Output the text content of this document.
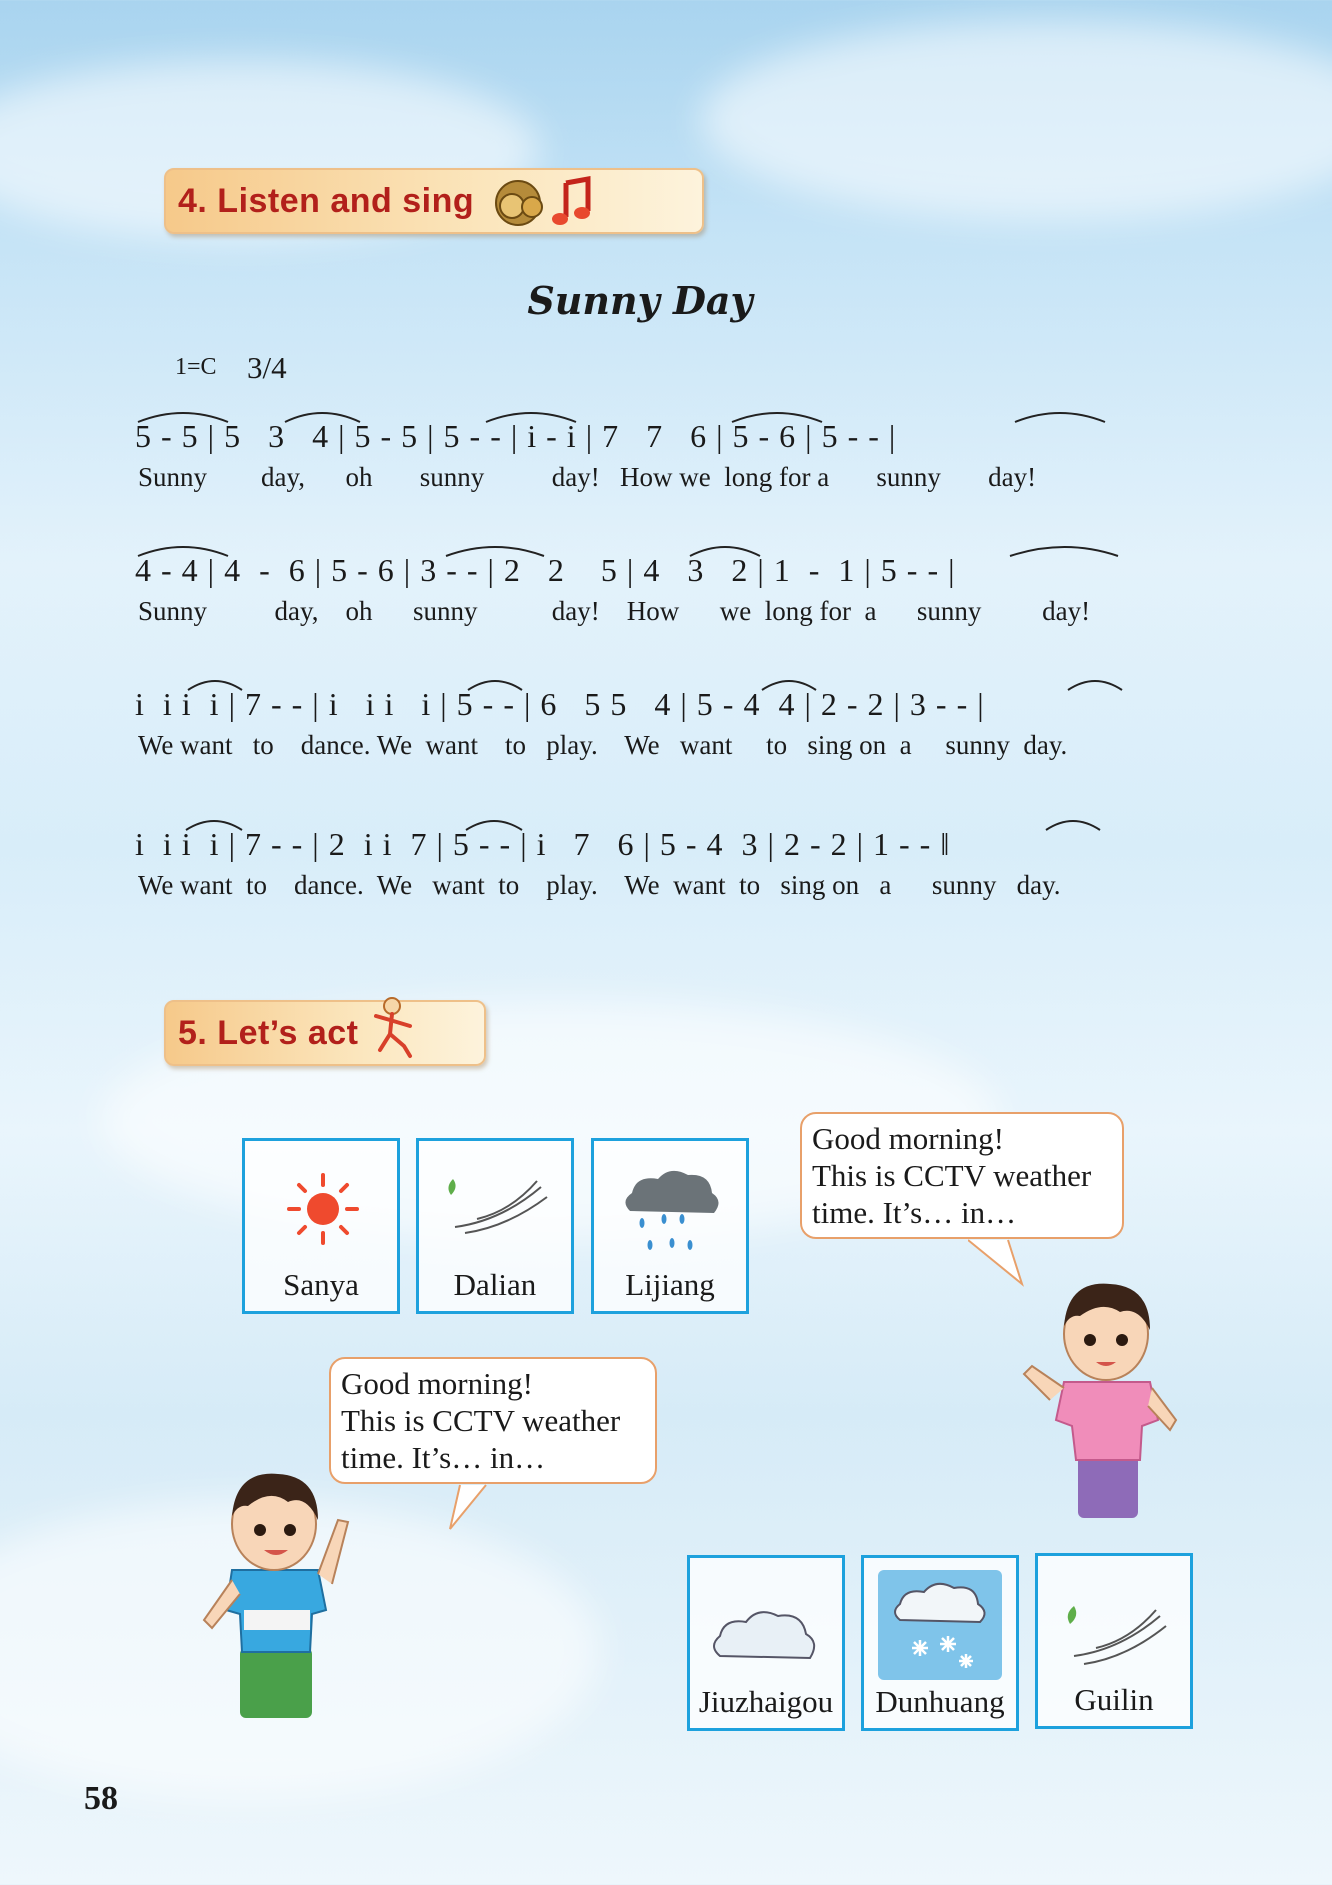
4. Listen and sing
Sunny Day
1=C 3/4
5 - 5 | 5   3   4 | 5 - 5 | 5 - - | i - i | 7   7   6 | 5 - 6 | 5 - - |
Sunny        day,      oh       sunny          day!   How we  long for a       sunny       day!
4 - 4 | 4  -  6 | 5 - 6 | 3 - - | 2   2    5 | 4   3   2 | 1  -  1 | 5 - - |
Sunny          day,    oh      sunny           day!    How      we  long for  a      sunny         day!
i  i i  i | 7 - - | i   i i   i | 5 - - | 6   5 5   4 | 5 - 4  4 | 2 - 2 | 3 - - |
We want   to    dance. We  want    to   play.    We   want     to   sing on  a     sunny  day.
i  i i  i | 7 - - | 2  i i  7 | 5 - - | i   7   6 | 5 - 4  3 | 2 - 2 | 1 - - ‖
We want  to    dance.  We   want  to    play.    We  want  to   sing on   a      sunny   day.
5. Let’s act
Sanya	Dalian	Lijiang
Good morning!
This is CCTV weather
time. It’s… in…
Good morning!
This is CCTV weather
time. It’s… in…
Jiuzhaigou	Dunhuang	Guilin
58
